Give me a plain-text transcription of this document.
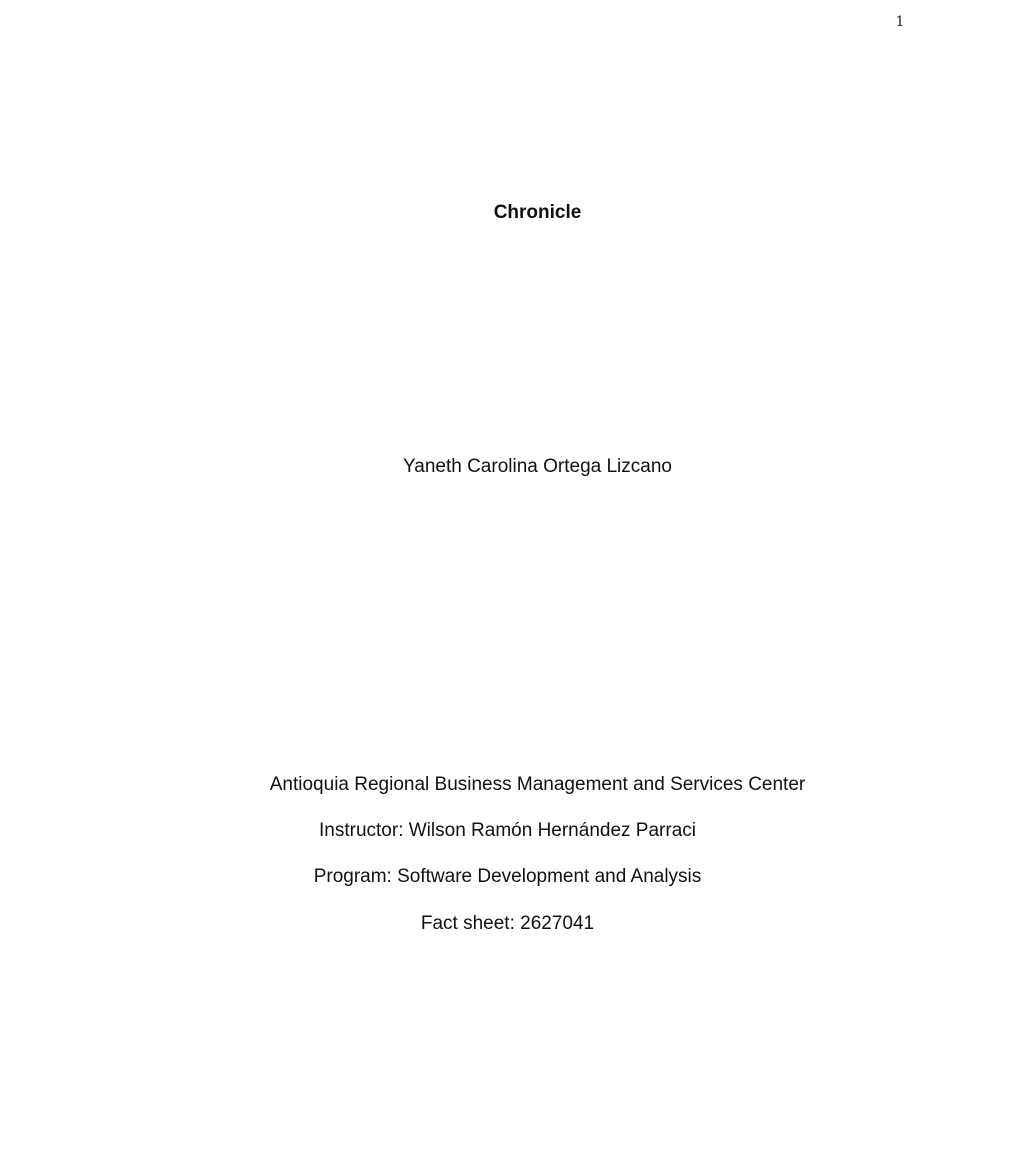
1
Chronicle
Yaneth Carolina Ortega Lizcano
Antioquia Regional Business Management and Services Center
Instructor: Wilson Ramón Hernández Parraci
Program: Software Development and Analysis
Fact sheet: 2627041
